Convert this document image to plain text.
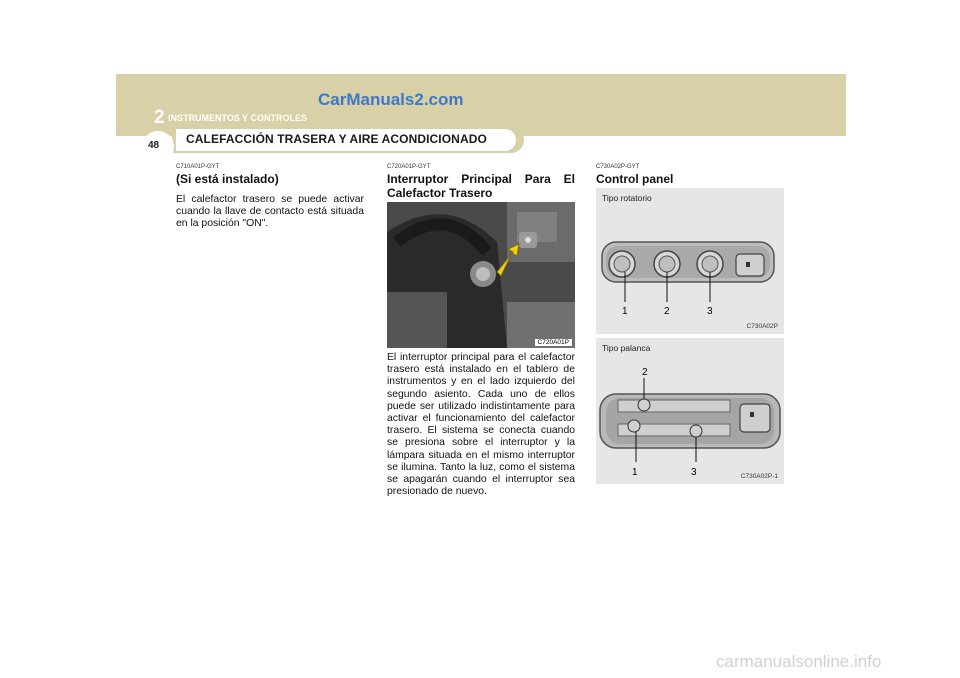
2 INSTRUMENTOS Y CONTROLES
CarManuals2.com
CALEFACCIÓN TRASERA Y AIRE ACONDICIONADO
48
C710A01P-GYT
(Si está instalado)
El calefactor trasero se puede activar cuando la llave de contacto está situada en la posición "ON".
C720A01P-GYT
Interruptor Principal Para El Calefactor Trasero
C720A01P
El interruptor principal para el calefactor trasero está instalado en el tablero de instrumentos y en el lado izquierdo del segundo asiento. Cada uno de ellos puede ser utilizado indistintamente para activar el funcionamiento del calefactor trasero. El sistema se conecta cuando se presiona sobre el interruptor y la lámpara situada en el mismo interruptor se ilumina. Tanto la luz, como el sistema se apagarán cuando el interruptor sea presionado de nuevo.
C730A02P-GYT
Control panel
Tipo rotatorio
1	2	3
C730A02P
Tipo palanca
2
1	3	C730A02P-1
carmanualsonline.info
